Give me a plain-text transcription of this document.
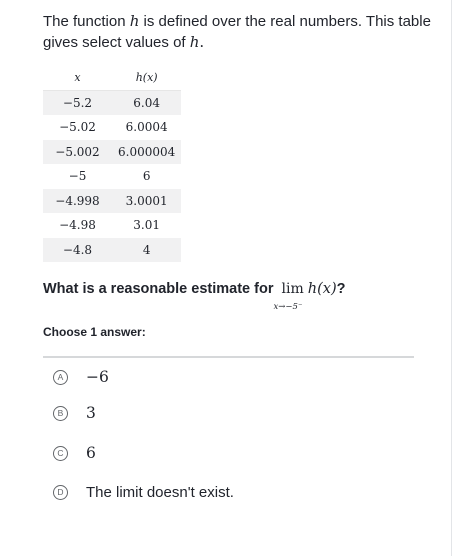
The function h is defined over the real numbers. This table gives select values of h.

x	h(x)
−5.2	6.04
−5.02	6.0004
−5.002	6.000004
−5	6
−4.998	3.0001
−4.98	3.01
−4.8	4

What is a reasonable estimate for lim
x→−5⁻
h(x)?

Choose 1 answer:

A	−6
B	3
C 6
D The limit doesn't exist.
